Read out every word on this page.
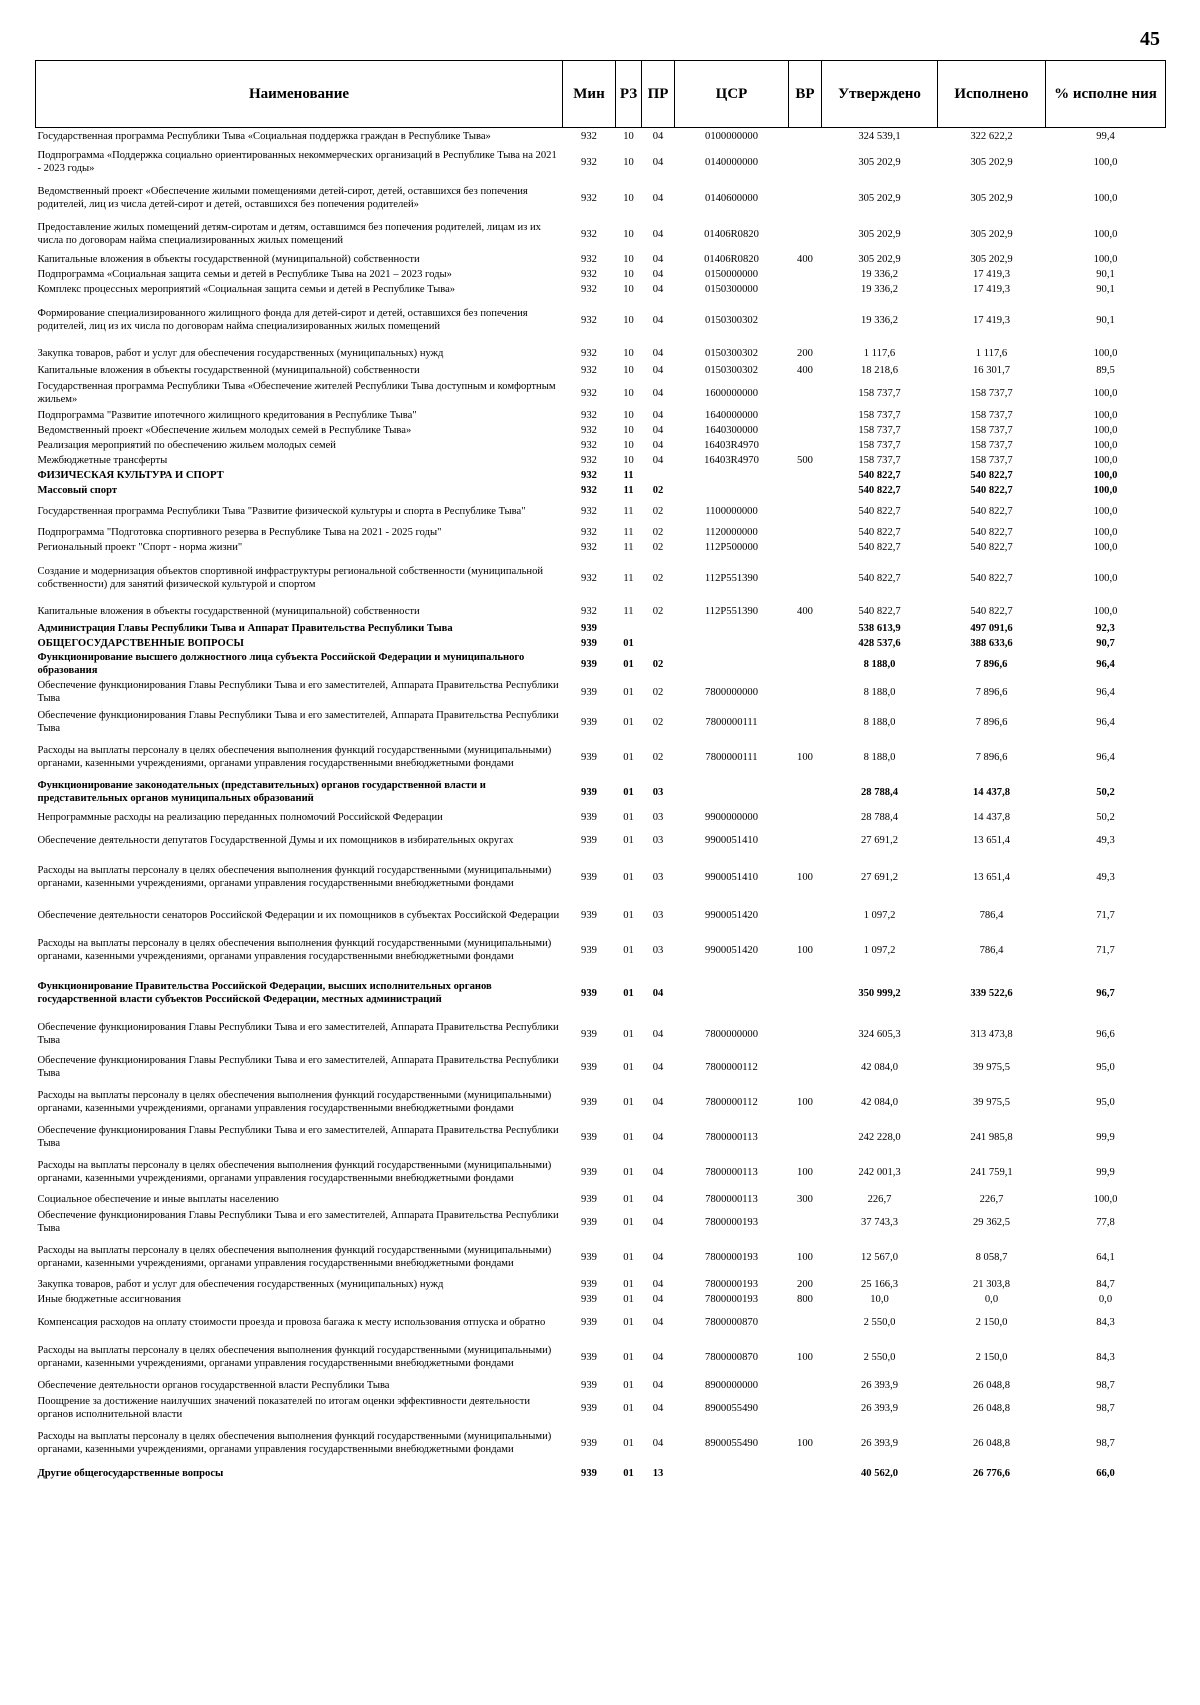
45
Наименование	Мин	РЗ	ПР	ЦСР	ВР	Утверждено	Исполнено	% исполне ния
Государственная программа Республики Тыва «Социальная поддержка граждан в Республике Тыва»	932	10	04	0100000000		324 539,1	322 622,2	99,4
Подпрограмма «Поддержка социально ориентированных некоммерческих организаций в Республике Тыва на 2021 - 2023 годы»	932	10	04	0140000000		305 202,9	305 202,9	100,0
Ведомственный проект «Обеспечение жилыми помещениями детей-сирот, детей, оставшихся без попечения родителей, лиц из числа детей-сирот и детей, оставшихся без попечения родителей»	932	10	04	0140600000		305 202,9	305 202,9	100,0
Предоставление жилых помещений детям-сиротам и детям, оставшимся без попечения родителей, лицам из их числа по договорам найма специализированных жилых помещений	932	10	04	01406R0820		305 202,9	305 202,9	100,0
Капитальные вложения в объекты государственной (муниципальной) собственности	932	10	04	01406R0820	400	305 202,9	305 202,9	100,0
Подпрограмма «Социальная защита семьи и детей в Республике Тыва на 2021 – 2023 годы»	932	10	04	0150000000		19 336,2	17 419,3	90,1
Комплекс процессных мероприятий «Социальная защита семьи и детей в Республике Тыва»	932	10	04	0150300000		19 336,2	17 419,3	90,1
Формирование специализированного жилищного фонда для детей-сирот и детей, оставшихся без попечения родителей, лиц из их числа по договорам найма специализированных жилых помещений	932	10	04	0150300302		19 336,2	17 419,3	90,1
Закупка товаров, работ и услуг для обеспечения государственных (муниципальных) нужд	932	10	04	0150300302	200	1 117,6	1 117,6	100,0
Капитальные вложения в объекты государственной (муниципальной) собственности	932	10	04	0150300302	400	18 218,6	16 301,7	89,5
Государственная программа Республики Тыва «Обеспечение жителей Республики Тыва доступным и комфортным жильем»	932	10	04	1600000000		158 737,7	158 737,7	100,0
Подпрограмма "Развитие ипотечного жилищного кредитования в Республике Тыва"	932	10	04	1640000000		158 737,7	158 737,7	100,0
Ведомственный проект «Обеспечение жильем молодых семей в Республике Тыва»	932	10	04	1640300000		158 737,7	158 737,7	100,0
Реализация мероприятий по обеспечению жильем молодых семей	932	10	04	16403R4970		158 737,7	158 737,7	100,0
Межбюджетные трансферты	932	10	04	16403R4970	500	158 737,7	158 737,7	100,0
ФИЗИЧЕСКАЯ КУЛЬТУРА И СПОРТ	932	11				540 822,7	540 822,7	100,0
Массовый спорт	932	11	02			540 822,7	540 822,7	100,0
Государственная программа Республики Тыва "Развитие физической культуры и спорта в Республике Тыва"	932	11	02	1100000000		540 822,7	540 822,7	100,0
Подпрограмма "Подготовка спортивного резерва в Республике Тыва на 2021 - 2025 годы"	932	11	02	1120000000		540 822,7	540 822,7	100,0
Региональный проект "Спорт - норма жизни"	932	11	02	112P500000		540 822,7	540 822,7	100,0
Создание и модернизация объектов спортивной инфраструктуры региональной собственности (муниципальной собственности) для занятий физической культурой и спортом	932	11	02	112P551390		540 822,7	540 822,7	100,0
Капитальные вложения в объекты государственной (муниципальной) собственности	932	11	02	112P551390	400	540 822,7	540 822,7	100,0
Администрация Главы Республики Тыва и Аппарат Правительства Республики Тыва	939					538 613,9	497 091,6	92,3
ОБЩЕГОСУДАРСТВЕННЫЕ ВОПРОСЫ	939	01				428 537,6	388 633,6	90,7
Функционирование высшего должностного лица субъекта Российской Федерации и муниципального образования	939	01	02			8 188,0	7 896,6	96,4
Обеспечение функционирования Главы Республики Тыва и его заместителей, Аппарата Правительства Республики Тыва	939	01	02	7800000000		8 188,0	7 896,6	96,4
Обеспечение функционирования Главы Республики Тыва и его заместителей, Аппарата Правительства Республики Тыва	939	01	02	7800000111		8 188,0	7 896,6	96,4
Расходы на выплаты персоналу в целях обеспечения выполнения функций государственными (муниципальными) органами, казенными учреждениями, органами управления государственными внебюджетными фондами	939	01	02	7800000111	100	8 188,0	7 896,6	96,4
Функционирование законодательных (представительных) органов государственной власти и представительных органов муниципальных образований	939	01	03			28 788,4	14 437,8	50,2
Непрограммные расходы на реализацию переданных полномочий Российской Федерации	939	01	03	9900000000		28 788,4	14 437,8	50,2
Обеспечение деятельности депутатов Государственной Думы и их помощников в избирательных округах	939	01	03	9900051410		27 691,2	13 651,4	49,3
Расходы на выплаты персоналу в целях обеспечения выполнения функций государственными (муниципальными) органами, казенными учреждениями, органами управления государственными внебюджетными фондами	939	01	03	9900051410	100	27 691,2	13 651,4	49,3
Обеспечение деятельности сенаторов Российской Федерации и их помощников в субъектах Российской Федерации	939	01	03	9900051420		1 097,2	786,4	71,7
Расходы на выплаты персоналу в целях обеспечения выполнения функций государственными (муниципальными) органами, казенными учреждениями, органами управления государственными внебюджетными фондами	939	01	03	9900051420	100	1 097,2	786,4	71,7
Функционирование Правительства Российской Федерации, высших исполнительных органов государственной власти субъектов Российской Федерации, местных администраций	939	01	04			350 999,2	339 522,6	96,7
Обеспечение функционирования Главы Республики Тыва и его заместителей, Аппарата Правительства Республики Тыва	939	01	04	7800000000		324 605,3	313 473,8	96,6
Обеспечение функционирования Главы Республики Тыва и его заместителей, Аппарата Правительства Республики Тыва	939	01	04	7800000112		42 084,0	39 975,5	95,0
Расходы на выплаты персоналу в целях обеспечения выполнения функций государственными (муниципальными) органами, казенными учреждениями, органами управления государственными внебюджетными фондами	939	01	04	7800000112	100	42 084,0	39 975,5	95,0
Обеспечение функционирования Главы Республики Тыва и его заместителей, Аппарата Правительства Республики Тыва	939	01	04	7800000113		242 228,0	241 985,8	99,9
Расходы на выплаты персоналу в целях обеспечения выполнения функций государственными (муниципальными) органами, казенными учреждениями, органами управления государственными внебюджетными фондами	939	01	04	7800000113	100	242 001,3	241 759,1	99,9
Социальное обеспечение и иные выплаты населению	939	01	04	7800000113	300	226,7	226,7	100,0
Обеспечение функционирования Главы Республики Тыва и его заместителей, Аппарата Правительства Республики Тыва	939	01	04	7800000193		37 743,3	29 362,5	77,8
Расходы на выплаты персоналу в целях обеспечения выполнения функций государственными (муниципальными) органами, казенными учреждениями, органами управления государственными внебюджетными фондами	939	01	04	7800000193	100	12 567,0	8 058,7	64,1
Закупка товаров, работ и услуг для обеспечения государственных (муниципальных) нужд	939	01	04	7800000193	200	25 166,3	21 303,8	84,7
Иные бюджетные ассигнования	939	01	04	7800000193	800	10,0	0,0	0,0
Компенсация расходов на оплату стоимости проезда и провоза багажа к месту использования отпуска и обратно	939	01	04	7800000870		2 550,0	2 150,0	84,3
Расходы на выплаты персоналу в целях обеспечения выполнения функций государственными (муниципальными) органами, казенными учреждениями, органами управления государственными внебюджетными фондами	939	01	04	7800000870	100	2 550,0	2 150,0	84,3
Обеспечение деятельности органов государственной власти Республики Тыва	939	01	04	8900000000		26 393,9	26 048,8	98,7
Поощрение за достижение наилучших значений показателей по итогам оценки эффективности деятельности органов исполнительной власти	939	01	04	8900055490		26 393,9	26 048,8	98,7
Расходы на выплаты персоналу в целях обеспечения выполнения функций государственными (муниципальными) органами, казенными учреждениями, органами управления государственными внебюджетными фондами	939	01	04	8900055490	100	26 393,9	26 048,8	98,7
Другие общегосударственные вопросы	939	01	13			40 562,0	26 776,6	66,0
